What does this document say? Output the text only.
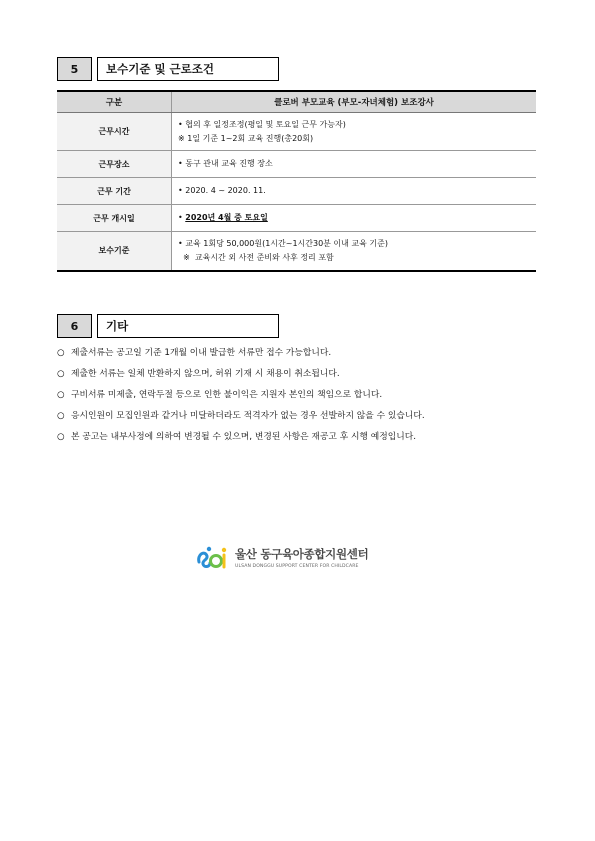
5	보수기준 및 근로조건
구분	클로버 부모교육 (부모-자녀체험) 보조강사
근무시간	• 협의 후 일정조정(평일 및 토요일 근무 가능자)
※ 1일 기준 1~2회 교육 진행(총20회)

근무장소	• 동구 관내 교육 진행 장소

근무 기간	• 2020. 4 ~ 2020. 11.

근무 개시일	• 2020년 4월 중 토요일

보수기준	• 교육 1회당 50,000원(1시간~1시간30분 이내 교육 기준)
※  교육시간 외 사전 준비와 사후 정리 포함
6	기타
○ 제출서류는 공고일 기준 1개월 이내 발급한 서류만 접수 가능합니다.
○ 제출한 서류는 일체 반환하지 않으며, 허위 기재 시 채용이 취소됩니다.
○ 구비서류 미제출, 연락두절 등으로 인한 불이익은 지원자 본인의 책임으로 합니다.
○ 응시인원이 모집인원과 같거나 미달하더라도 적격자가 없는 경우 선발하지 않을 수 있습니다.
○ 본 공고는 내부사정에 의하여 변경될 수 있으며, 변경된 사항은 재공고 후 시행 예정입니다.
울산 동구육아종합지원센터
ULSAN DONGGU SUPPORT CENTER FOR CHILDCARE
